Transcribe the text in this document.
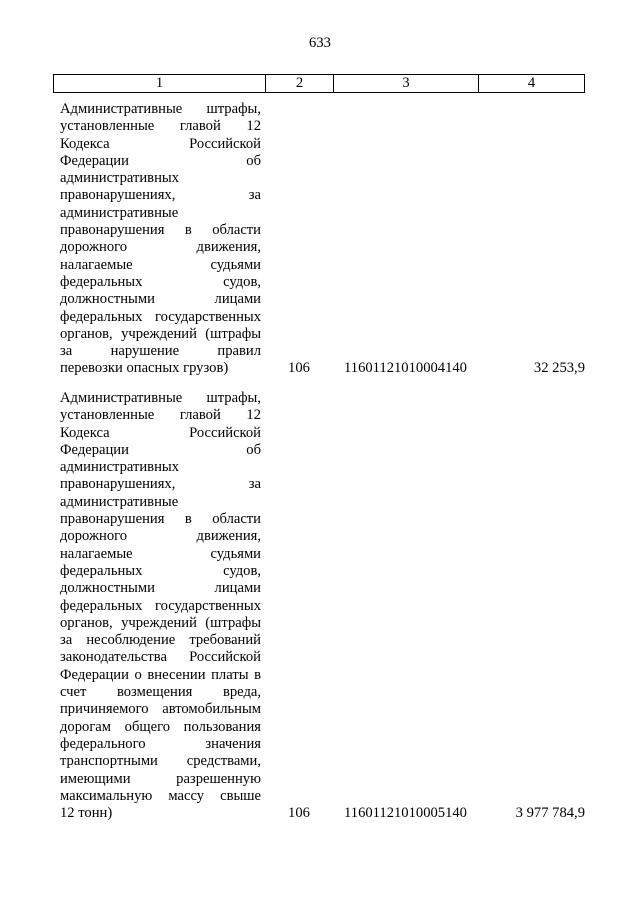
633
1	2	3	4
Административные штрафы,
установленные главой 12
Кодекса Российской
Федерации об
административных
правонарушениях, за
административные
правонарушения в области
дорожного движения,
налагаемые судьями
федеральных судов,
должностными лицами
федеральных государственных
органов, учреждений (штрафы
за нарушение правил
перевозки опасных грузов)	106	11601121010004140	32 253,9
Административные штрафы,
установленные главой 12
Кодекса Российской
Федерации об
административных
правонарушениях, за
административные
правонарушения в области
дорожного движения,
налагаемые судьями
федеральных судов,
должностными лицами
федеральных государственных
органов, учреждений (штрафы
за несоблюдение требований
законодательства Российской
Федерации о внесении платы в
счет возмещения вреда,
причиняемого автомобильным
дорогам общего пользования
федерального значения
транспортными средствами,
имеющими разрешенную
максимальную массу свыше
12 тонн)	106	11601121010005140	3 977 784,9
